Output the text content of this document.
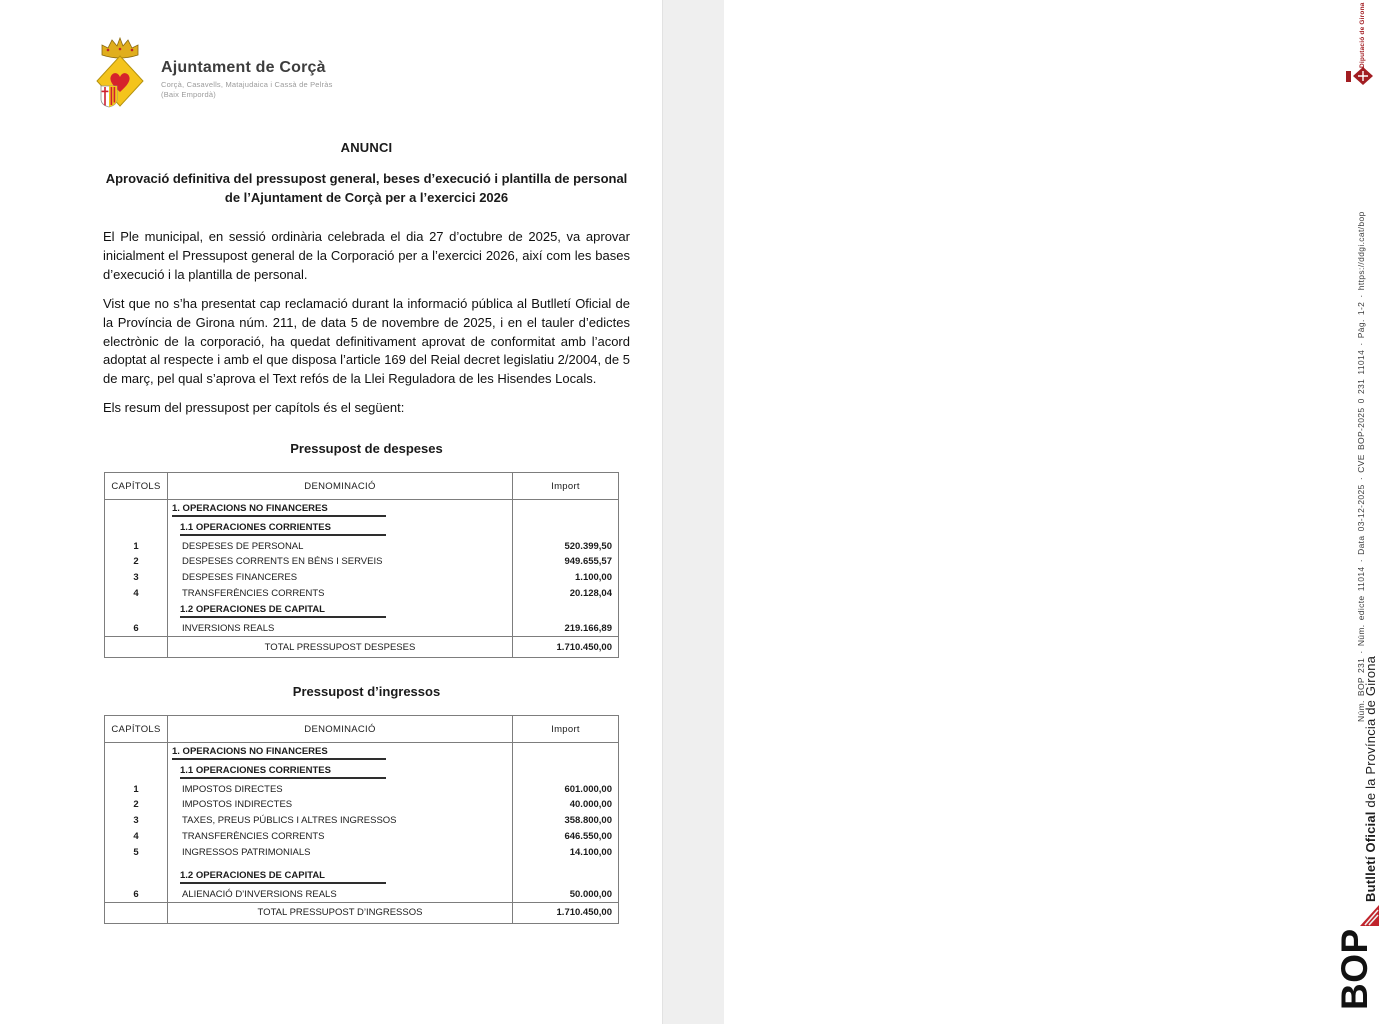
Ajuntament de Corçà
Corçà, Casavells, Matajudaica i Cassà de Pelràs
(Baix Empordà)
ANUNCI
Aprovació definitiva del pressupost general, beses d’execució i plantilla de personal de l’Ajuntament de Corçà per a l’exercici 2026

El Ple municipal, en sessió ordinària celebrada el dia 27 d’octubre de 2025, va aprovar inicialment el Pressupost general de la Corporació per a l’exercici 2026, així com les bases d’execució i la plantilla de personal.

Vist que no s’ha presentat cap reclamació durant la informació pública al Butlletí Oficial de la Província de Girona núm. 211, de data 5 de novembre de 2025, i en el tauler d’edictes electrònic de la corporació, ha quedat definitivament aprovat de conformitat amb l’acord adoptat al respecte i amb el que disposa l’article 169 del Reial decret legislatiu 2/2004, de 5 de març, pel qual s’aprova el Text refós de la Llei Reguladora de les Hisendes Locals.

Els resum del pressupost per capítols és el següent:

Pressupost de despeses
CAPÍTOLS	DENOMINACIÓ	Import
1. OPERACIONS NO FINANCERES
1.1 OPERACIONES CORRIENTES
1	DESPESES DE PERSONAL	520.399,50
2	DESPESES CORRENTS EN BÉNS I SERVEIS	949.655,57
3	DESPESES FINANCERES	1.100,00
4	TRANSFERÈNCIES CORRENTS	20.128,04
1.2 OPERACIONES DE CAPITAL
6	INVERSIONS REALS	219.166,89
TOTAL PRESSUPOST DESPESES	1.710.450,00
Pressupost d’ingressos
CAPÍTOLS	DENOMINACIÓ	Import
1. OPERACIONS NO FINANCERES
1.1 OPERACIONES CORRIENTES
1	IMPOSTOS DIRECTES	601.000,00
2	IMPOSTOS INDIRECTES	40.000,00
3	TAXES, PREUS PÚBLICS I ALTRES INGRESSOS	358.800,00
4	TRANSFERÈNCIES CORRENTS	646.550,00
5	INGRESSOS PATRIMONIALS	14.100,00
1.2 OPERACIONES DE CAPITAL
6	ALIENACIÓ D’INVERSIONS REALS	50.000,00
TOTAL PRESSUPOST D’INGRESSOS	1.710.450,00
Diputació de Girona
Núm. BOP 231 · Núm. edicte 11014 · Data 03-12-2025 · CVE BOP-2025 0 231 11014 · Pàg. 1-2 · https://ddgi.cat/bop
Butlletí Oficial de la Província de Girona
BOP
